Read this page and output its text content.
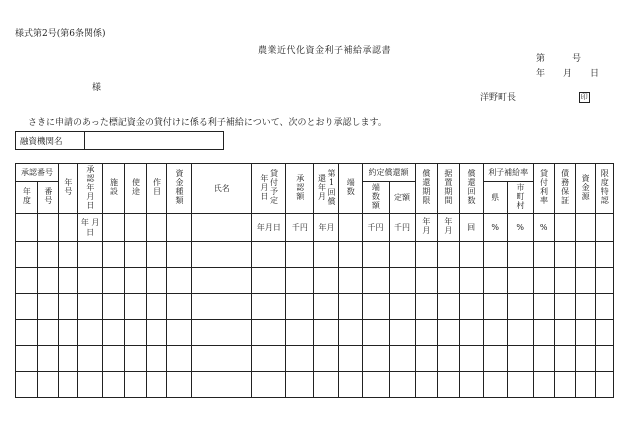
様式第2号(第6条関係)
農業近代化資金利子補給承認書
第　　　号
年　　月　　日
様
洋野町長	印
さきに申請のあった標記資金の貸付けに係る利子補給について、次のとおり承認します。
融資機関名	
承認番号		年号	承認年月日	施設	使途	作目	資金種類	氏名	貸付予定年月日	承認額	第1回償還年月	端数	約定償還額		償還期限	据置期間	償還回数	利子補給率		貸付利率	債務保証	資金源	限度特認
年度	番号												端数額	定額				県	市町村				
			年 月 日						年月日	千円	年月		千円	千円	年月	年月	回	%	%	%			
